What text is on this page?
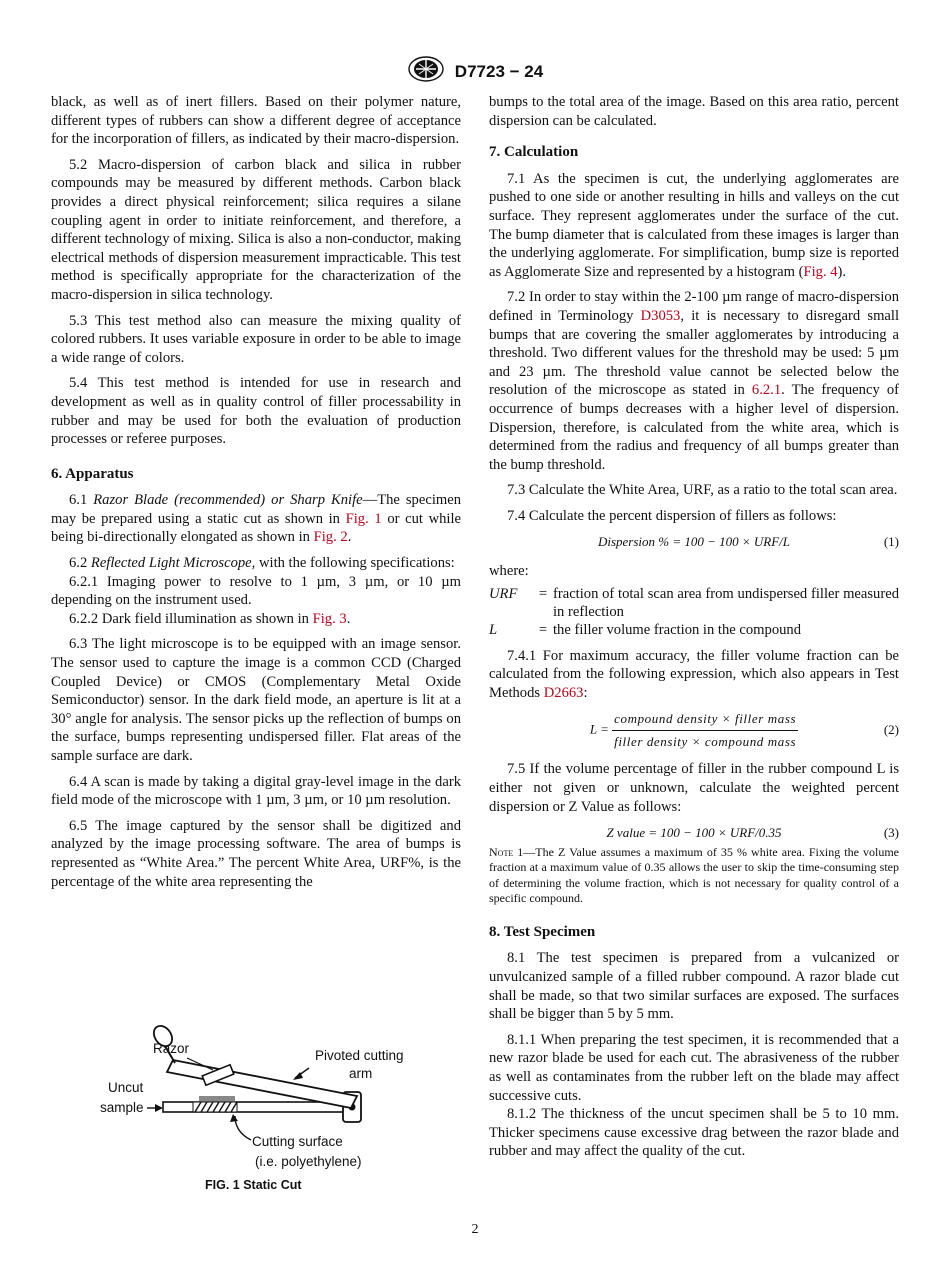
D7723 − 24

black, as well as of inert fillers. Based on their polymer nature, different types of rubbers can show a different degree of acceptance for the incorporation of fillers, as indicated by their macro-dispersion.

5.2 Macro-dispersion of carbon black and silica in rubber compounds may be measured by different methods. Carbon black provides a direct physical reinforcement; silica requires a silane coupling agent in order to initiate reinforcement, and therefore, a different technology of mixing. Silica is also a non-conductor, making electrical methods of dispersion measurement impracticable. This test method is specifically appropriate for the characterization of the macro-dispersion in silica technology.

5.3 This test method also can measure the mixing quality of colored rubbers. It uses variable exposure in order to be able to image a wide range of colors.

5.4 This test method is intended for use in research and development as well as in quality control of filler processability in rubber and may be used for both the evaluation of production processes or referee purposes.

6. Apparatus

6.1 Razor Blade (recommended) or Sharp Knife—The specimen may be prepared using a static cut as shown in Fig. 1 or cut while being bi-directionally elongated as shown in Fig. 2.

6.2 Reflected Light Microscope, with the following specifications:

6.2.1 Imaging power to resolve to 1 µm, 3 µm, or 10 µm depending on the instrument used.

6.2.2 Dark field illumination as shown in Fig. 3.

6.3 The light microscope is to be equipped with an image sensor. The sensor used to capture the image is a common CCD (Charged Coupled Device) or CMOS (Complementary Metal Oxide Semiconductor) sensor. In the dark field mode, an aperture is lit at a 30° angle for analysis. The sensor picks up the reflection of bumps on the surface, bumps representing undispersed filler. Flat areas of the sample surface are dark.

6.4 A scan is made by taking a digital gray-level image in the dark field mode of the microscope with 1 µm, 3 µm, or 10 µm resolution.

6.5 The image captured by the sensor shall be digitized and analyzed by the image processing software. The area of bumps is represented as “White Area.” The percent White Area, URF%, is the percentage of the white area representing the

Razor	Pivoted cutting
arm
Uncut
sample
Cutting surface
(i.e. polyethylene)
FIG. 1 Static Cut

bumps to the total area of the image. Based on this area ratio, percent dispersion can be calculated.

7. Calculation

7.1 As the specimen is cut, the underlying agglomerates are pushed to one side or another resulting in hills and valleys on the cut surface. They represent agglomerates under the surface of the cut. The bump diameter that is calculated from these images is larger than the underlying agglomerate. For simplification, bump size is reported as Agglomerate Size and represented by a histogram (Fig. 4).

7.2 In order to stay within the 2-100 µm range of macro-dispersion defined in Terminology D3053, it is necessary to disregard small bumps that are covering the smaller agglomerates by introducing a threshold. Two different values for the threshold may be used: 5 µm and 23 µm. The threshold value cannot be selected below the resolution of the microscope as stated in 6.2.1. The frequency of occurrence of bumps decreases with a higher level of dispersion. Dispersion, therefore, is calculated from the white area, which is determined from the radius and frequency of all bumps greater than the bump threshold.

7.3 Calculate the White Area, URF, as a ratio to the total scan area.

7.4 Calculate the percent dispersion of fillers as follows:

Dispersion % = 100 − 100 × URF/L	(1)
where:
URF	=	fraction of total scan area from undispersed filler measured in reflection
L	=	the filler volume fraction in the compound

7.4.1 For maximum accuracy, the filler volume fraction can be calculated from the following expression, which also appears in Test Methods D2663:

$L = \frac{\text{compound density × filler mass}}{\text{filler density × compound mass}}$	(2)

7.5 If the volume percentage of filler in the rubber compound L is either not given or unknown, calculate the weighted percent dispersion or Z Value as follows:

Z value = 100 − 100 × URF/0.35	(3)

Note 1—The Z Value assumes a maximum of 35 % white area. Fixing the volume fraction at a maximum value of 0.35 allows the user to skip the time-consuming step of determining the volume fraction, which is not necessary for quality control of a specific compound.

8. Test Specimen

8.1 The test specimen is prepared from a vulcanized or unvulcanized sample of a filled rubber compound. A razor blade cut shall be made, so that two similar surfaces are exposed. The surfaces shall be bigger than 5 by 5 mm.

8.1.1 When preparing the test specimen, it is recommended that a new razor blade be used for each cut. The abrasiveness of the rubber as well as contaminates from the rubber left on the blade may affect successive cuts.

8.1.2 The thickness of the uncut specimen shall be 5 to 10 mm. Thicker specimens cause excessive drag between the razor blade and rubber and may affect the quality of the cut.

2
